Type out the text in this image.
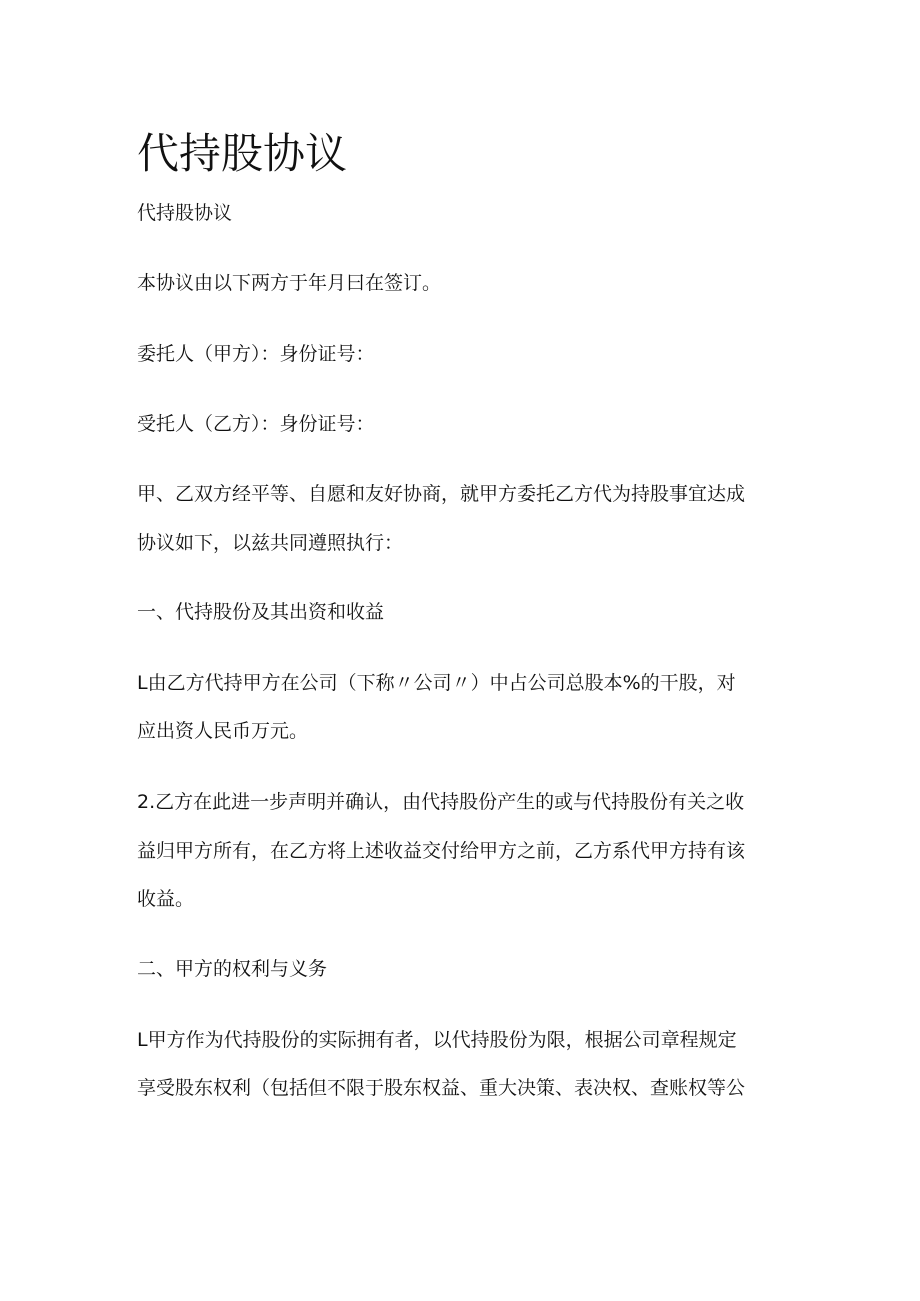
代持股协议

代持股协议

本协议由以下两方于年月曰在签订。

委托人（甲方）：身份证号：

受托人（乙方）：身份证号：

甲、乙双方经平等、自愿和友好协商，就甲方委托乙方代为持股事宜达成

协议如下，以兹共同遵照执行：

一、代持股份及其出资和收益

L由乙方代持甲方在公司（下称〃公司〃）中占公司总股本%的干股，对

应出资人民币万元。

2.乙方在此进一步声明并确认，由代持股份产生的或与代持股份有关之收

益归甲方所有，在乙方将上述收益交付给甲方之前，乙方系代甲方持有该

收益。

二、甲方的权利与义务

L甲方作为代持股份的实际拥有者，以代持股份为限，根据公司章程规定

享受股东权利（包括但不限于股东权益、重大决策、表决权、查账权等公
